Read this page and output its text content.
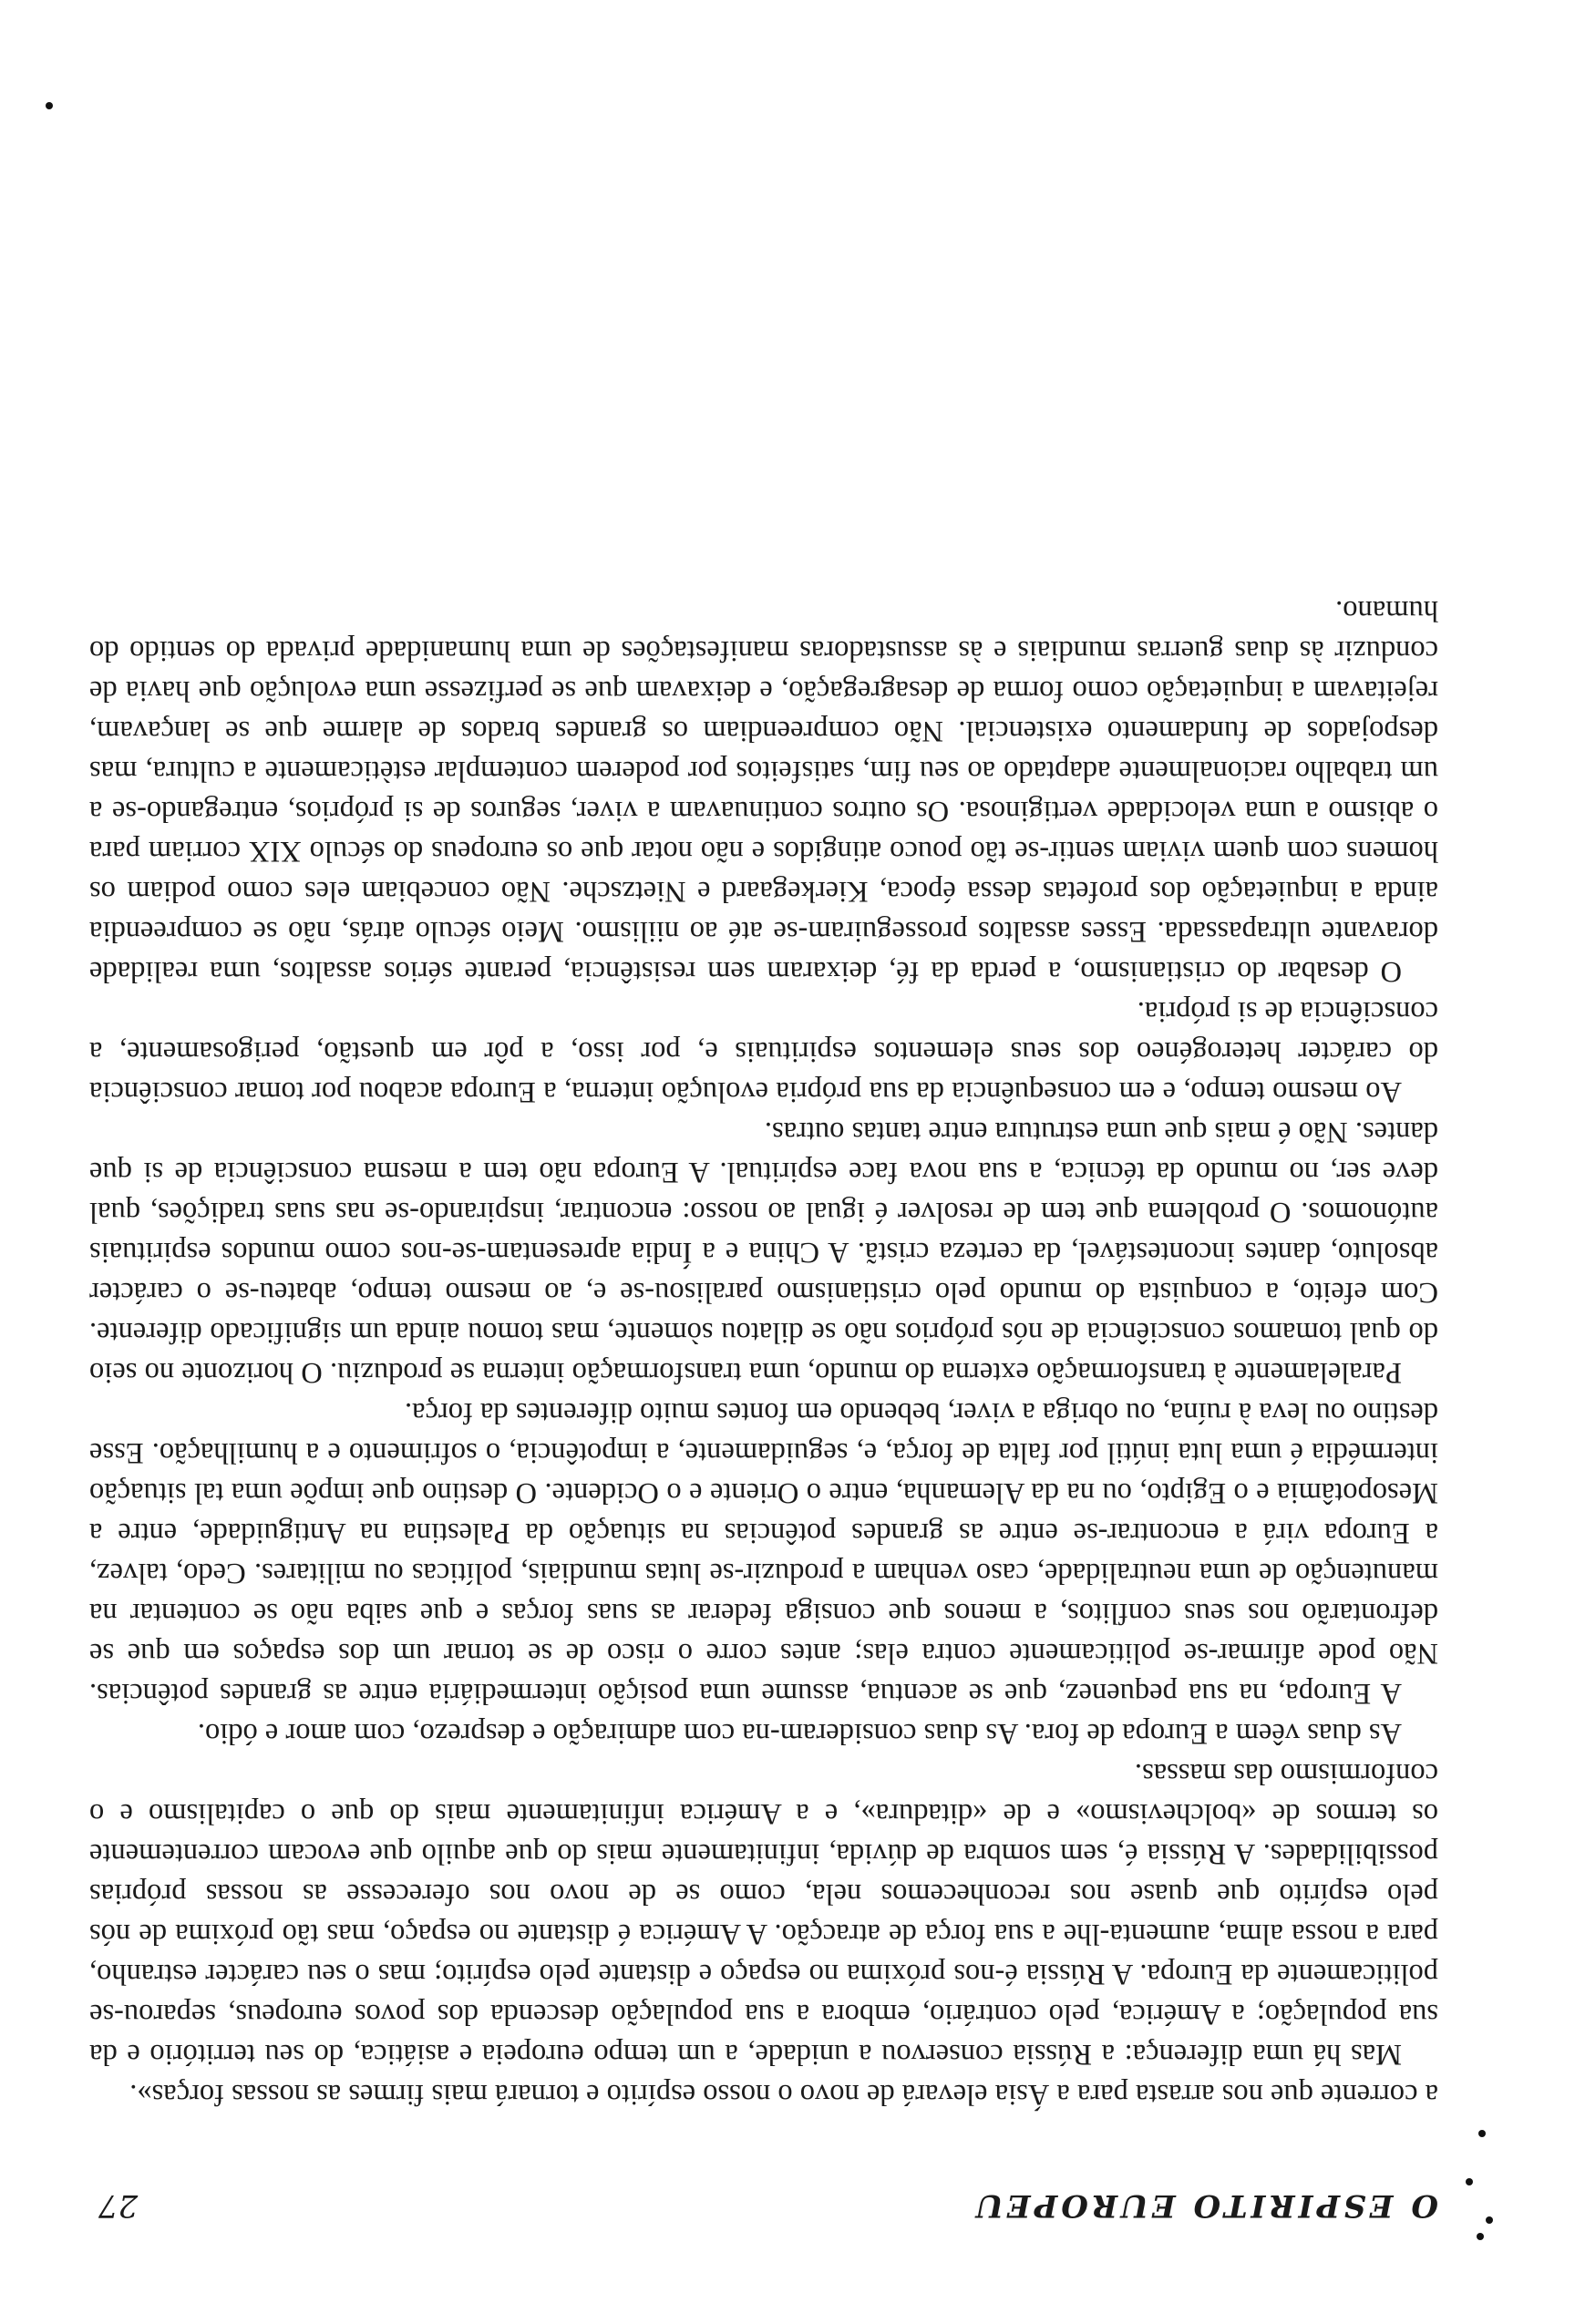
O ESPIRITO EUROPEU
27

a corrente que nos arrasta para a Ásia elevará de novo o nosso espírito e tornará mais firmes as nossas forças».

Mas há uma diferença: a Rússia conservou a unidade, a um tempo europeia e asiática, do seu território e da sua população; a América, pelo contrário, embora a sua população descenda dos povos europeus, separou-se politicamente da Europa. A Rússia é-nos próxima no espaço e distante pelo espírito; mas o seu carácter estranho, para a nossa alma, aumenta-lhe a sua força de atracção. A América é distante no espaço, mas tão próxima de nós pelo espírito que quase nos reconhecemos nela, como se de novo nos oferecesse as nossas próprias possibilidades. A Rússia é, sem sombra de dúvida, infinitamente mais do que aquilo que evocam correntemente os termos de «bolchevismo» e de «ditadura», e a América infinitamente mais do que o capitalismo e o conformismo das massas.

As duas vêem a Europa de fora. As duas consideram-na com admiração e desprezo, com amor e ódio.

A Europa, na sua pequenez, que se acentua, assume uma posição intermediária entre as grandes potências. Não pode afirmar-se politicamente contra elas; antes corre o risco de se tornar um dos espaços em que se defrontarão nos seus conflitos, a menos que consiga federar as suas forças e que saiba não se contentar na manutenção de uma neutralidade, caso venham a produzir-se lutas mundiais, políticas ou militares. Cedo, talvez, a Europa virá a encontrar-se entre as grandes potências na situação da Palestina na Antiguidade, entre a Mesopotâmia e o Egipto, ou na da Alemanha, entre o Oriente e o Ocidente. O destino que impõe uma tal situação intermédia é uma luta inútil por falta de força, e, seguidamente, a impotência, o sofrimento e a humilhação. Esse destino ou leva à ruína, ou obriga a viver, bebendo em fontes muito diferentes da força.

Paralelamente à transformação externa do mundo, uma transformação interna se produziu. O horizonte no seio do qual tomamos consciência de nós próprios não se dilatou sòmente, mas tomou ainda um significado diferente. Com efeito, a conquista do mundo pelo cristianismo paralisou-se e, ao mesmo tempo, abateu-se o carácter absoluto, dantes incontestável, da certeza cristã. A China e a Índia apresentam-se-nos como mundos espirituais autónomos. O problema que tem de resolver é igual ao nosso: encontrar, inspirando-se nas suas tradições, qual deve ser, no mundo da técnica, a sua nova face espiritual. A Europa não tem a mesma consciência de si que dantes. Não é mais que uma estrutura entre tantas outras.

Ao mesmo tempo, e em consequência da sua própria evolução interna, a Europa acabou por tomar consciência do carácter heterogéneo dos seus elementos espirituais e, por isso, a pôr em questão, perigosamente, a consciência de si própria.

O desabar do cristianismo, a perda da fé, deixaram sem resistência, perante sérios assaltos, uma realidade doravante ultrapassada. Esses assaltos prosseguiram-se até ao niilismo. Meio século atrás, não se compreendia ainda a inquietação dos profetas dessa época, Kierkegaard e Nietzsche. Não concebiam eles como podiam os homens com quem viviam sentir-se tão pouco atingidos e não notar que os europeus do século XIX corriam para o abismo a uma velocidade vertiginosa. Os outros continuavam a viver, seguros de si próprios, entregando-se a um trabalho racionalmente adaptado ao seu fim, satisfeitos por poderem contemplar estèticamente a cultura, mas despojados de fundamento existencial. Não compreendiam os grandes brados de alarme que se lançavam, rejeitavam a inquietação como forma de desagregação, e deixavam que se perfizesse uma evolução que havia de conduzir às duas guerras mundiais e às assustadoras manifestações de uma humanidade privada do sentido do humano.
